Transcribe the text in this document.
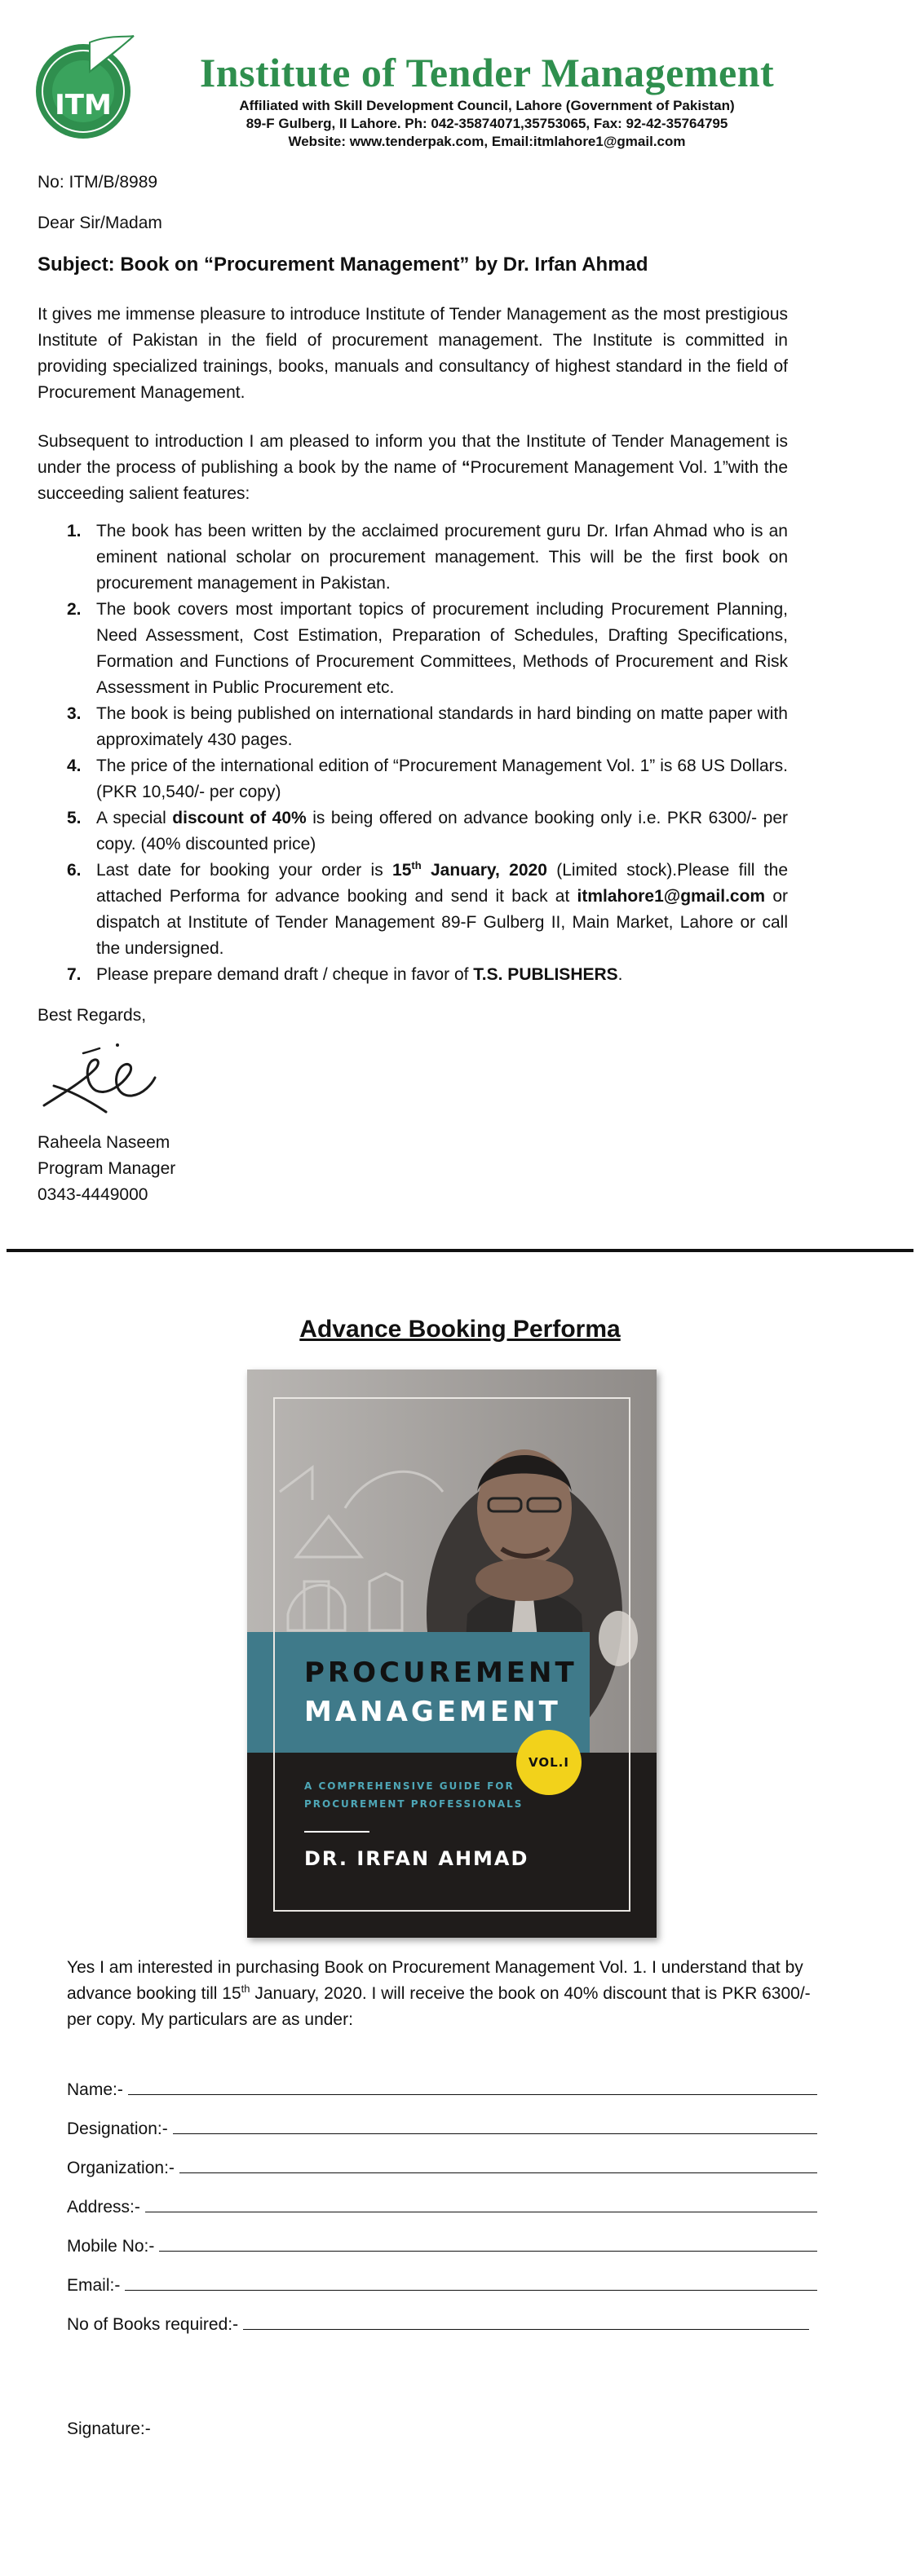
ITM
Institute of Tender Management
Affiliated with Skill Development Council, Lahore (Government of Pakistan)
89-F Gulberg, II Lahore. Ph: 042-35874071,35753065, Fax: 92-42-35764795
Website: www.tenderpak.com, Email:itmlahore1@gmail.com
No: ITM/B/8989
Dear Sir/Madam
Subject: Book on “Procurement Management” by Dr. Irfan Ahmad
It gives me immense pleasure to introduce Institute of Tender Management as the most prestigious Institute of Pakistan in the field of procurement management. The Institute is committed in providing specialized trainings, books, manuals and consultancy of highest standard in the field of Procurement Management.
Subsequent to introduction I am pleased to inform you that the Institute of Tender Management is under the process of publishing a book by the name of “Procurement Management Vol. 1”with the succeeding salient features:
1. The book has been written by the acclaimed procurement guru Dr. Irfan Ahmad who is an eminent national scholar on procurement management. This will be the first book on procurement management in Pakistan.
2. The book covers most important topics of procurement including Procurement Planning, Need Assessment, Cost Estimation, Preparation of Schedules, Drafting Specifications, Formation and Functions of Procurement Committees, Methods of Procurement and Risk Assessment in Public Procurement etc.
3. The book is being published on international standards in hard binding on matte paper with approximately 430 pages.
4. The price of the international edition of “Procurement Management Vol. 1” is 68 US Dollars. (PKR 10,540/- per copy)
5. A special discount of 40% is being offered on advance booking only i.e. PKR 6300/- per copy. (40% discounted price)
6. Last date for booking your order is 15th January, 2020 (Limited stock).Please fill the attached Performa for advance booking and send it back at itmlahore1@gmail.com or dispatch at Institute of Tender Management 89-F Gulberg II, Main Market, Lahore or call the undersigned.
7. Please prepare demand draft / cheque in favor of T.S. PUBLISHERS.
Best Regards,
Raheela Naseem
Program Manager
0343-4449000
Advance Booking Performa
PROCUREMENT
MANAGEMENT
VOL.I
A COMPREHENSIVE GUIDE FOR
PROCUREMENT PROFESSIONALS
DR. IRFAN AHMAD
Yes I am interested in purchasing Book on Procurement Management Vol. 1. I understand that by advance booking till 15th January, 2020. I will receive the book on 40% discount that is PKR 6300/- per copy. My particulars are as under:
Name:-
Designation:-
Organization:-
Address:-
Mobile No:-
Email:-
No of Books required:-
Signature:-
